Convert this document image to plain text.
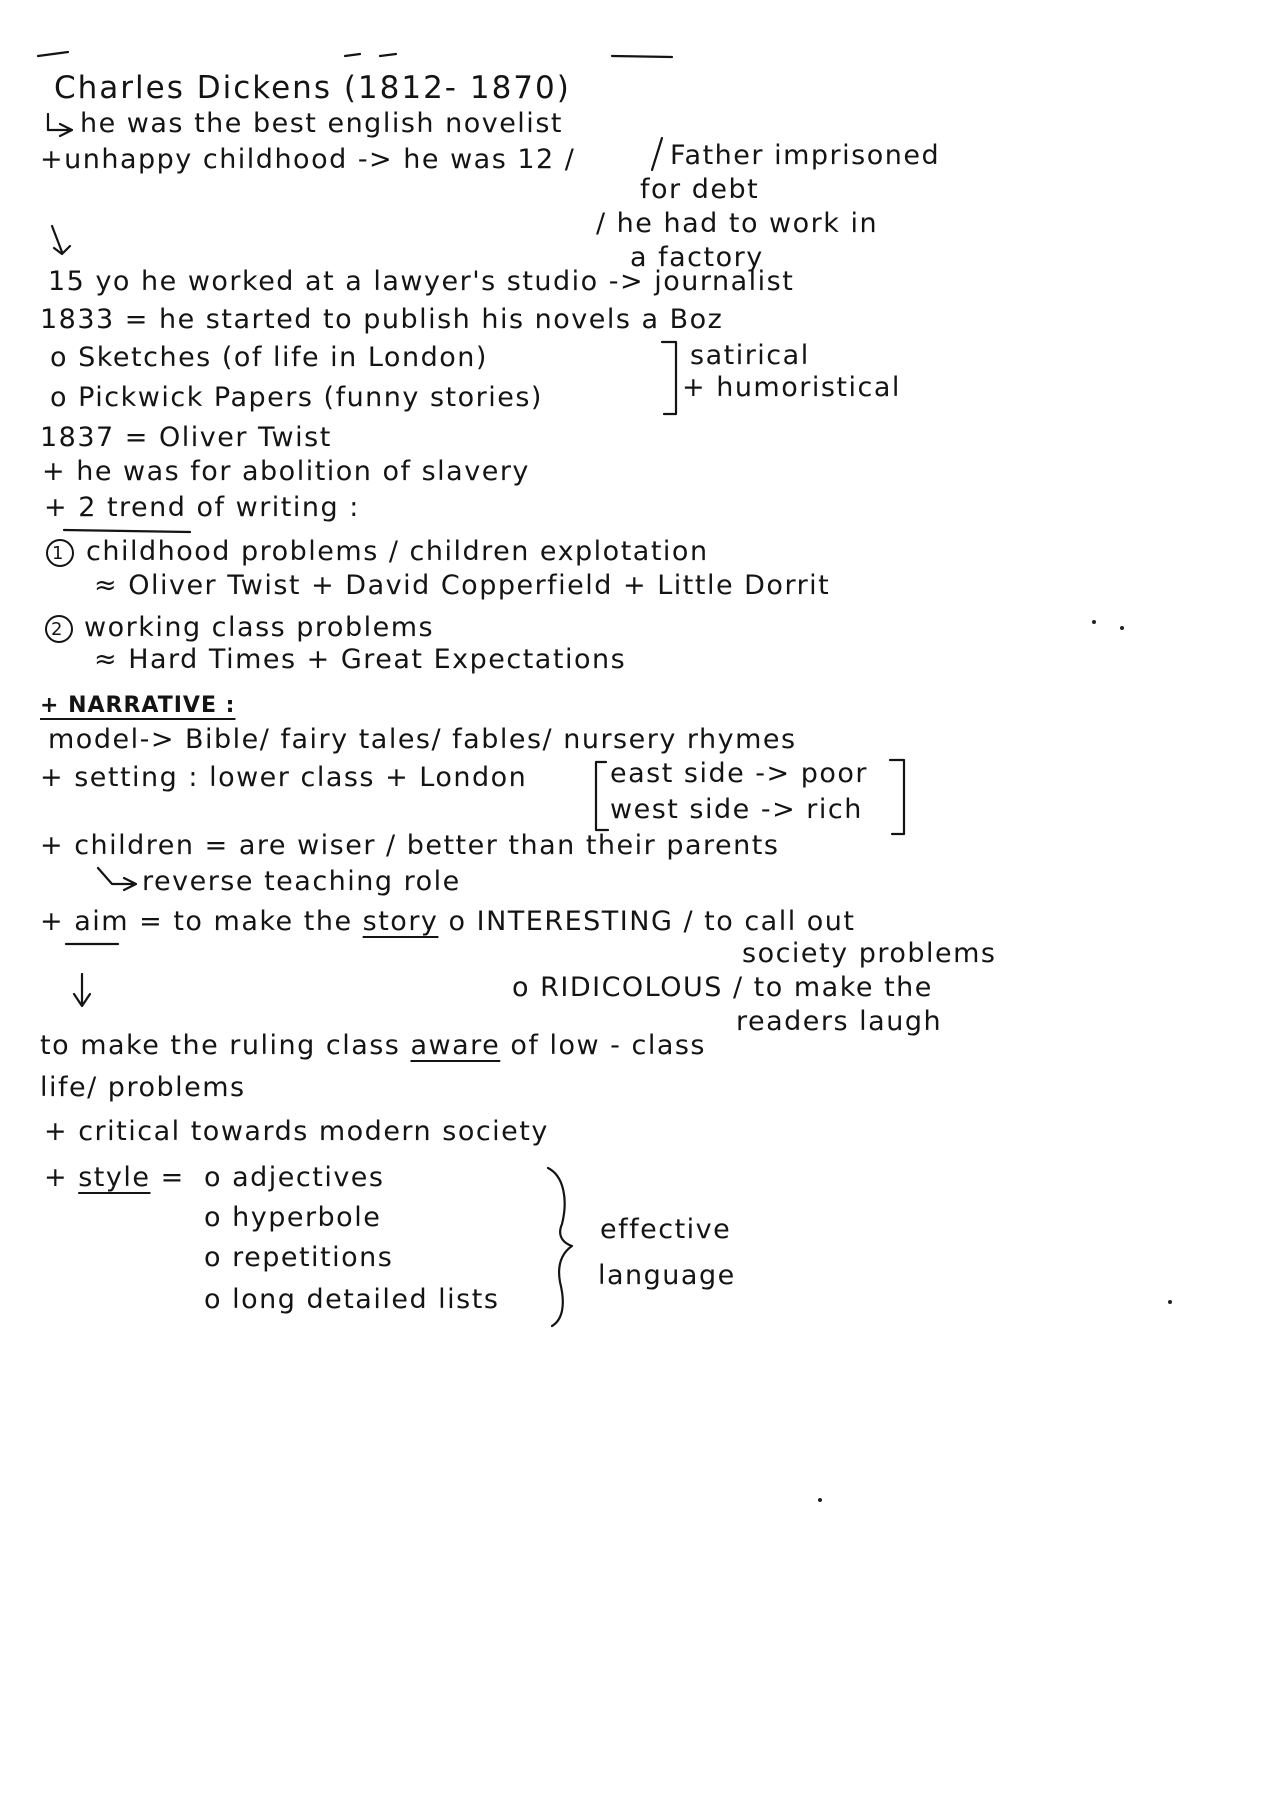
Charles Dickens (1812- 1870)
he was the best english novelist
+unhappy childhood -> he was 12 /	Father imprisoned
for debt
/ he had to work in
a factory
15 yo he worked at a lawyer's studio -> journalist
1833 = he started to publish his novels a Boz
o Sketches (of life in London)
o Pickwick Papers (funny stories)
satirical
+ humoristical
1837 = Oliver Twist
+ he was for abolition of slavery
+ 2 trend of writing :
childhood problems / children explotation
≈ Oliver Twist + David Copperfield + Little Dorrit
working class problems
≈ Hard Times + Great Expectations
+ NARRATIVE :
model-> Bible/ fairy tales/ fables/ nursery rhymes
+ setting : lower class + London	east side -> poor
west side -> rich
+ children = are wiser / better than their parents
reverse teaching role
+ aim = to make the story o INTERESTING / to call out
society problems
o RIDICOLOUS / to make the
readers laugh
to make the ruling class aware of low - class
life/ problems
+ critical towards modern society
+ style = o adjectives
o hyperbole
o repetitions
o long detailed lists
effective
language
1
2
